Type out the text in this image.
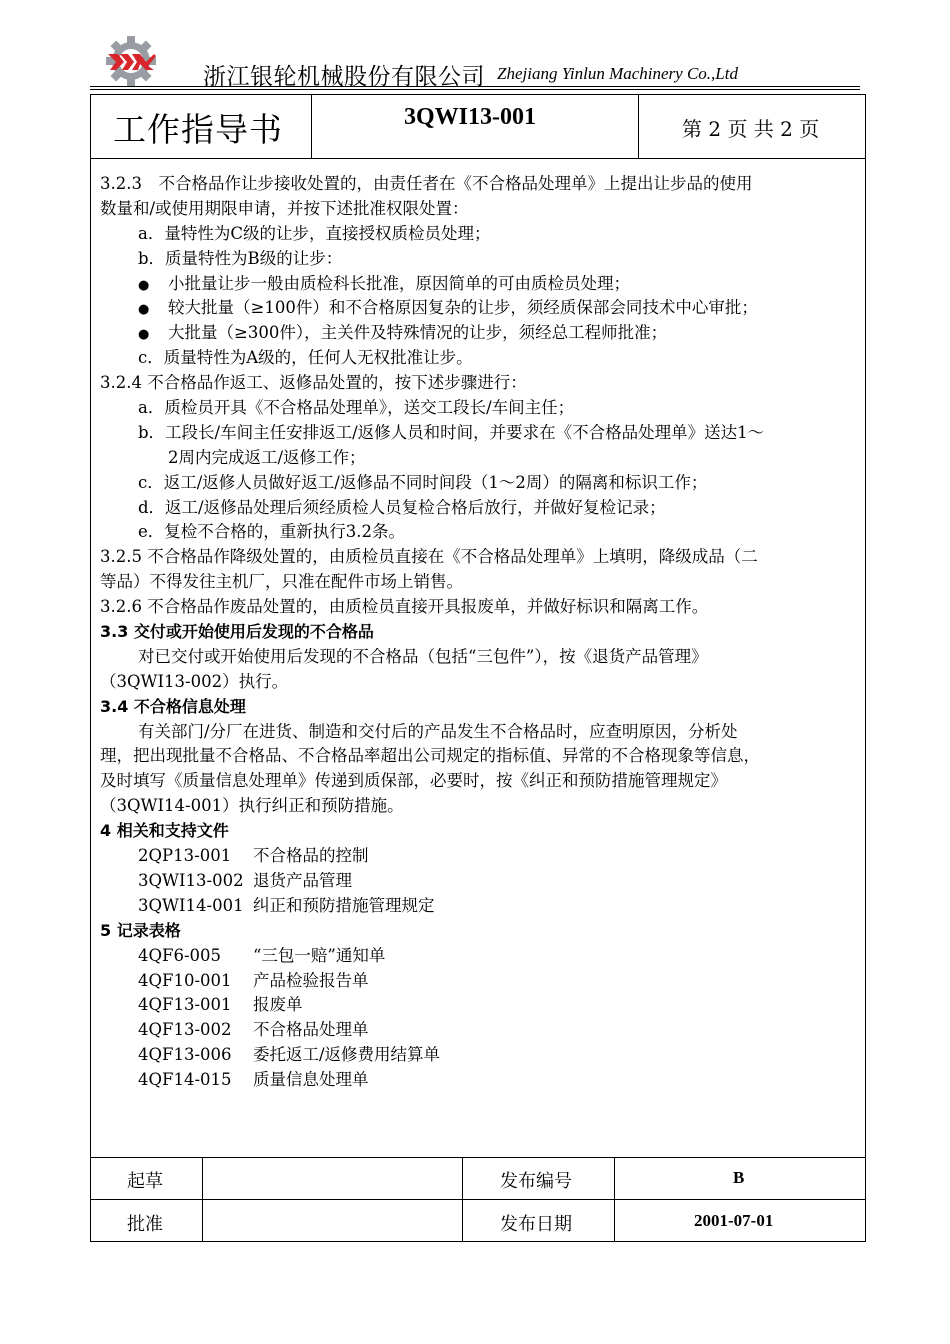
浙江银轮机械股份有限公司 Zhejiang Yinlun Machinery Co.,Ltd
工作指导书	3QWI13-001	第 2 页 共 2 页
3.2.3　不合格品作让步接收处置的，由责任者在《不合格品处理单》上提出让步品的使用
数量和/或使用期限申请，并按下述批准权限处置：
a．量特性为C级的让步，直接授权质检员处理；
b．质量特性为B级的让步：
● 小批量让步一般由质检科长批准，原因简单的可由质检员处理；
● 较大批量（≥100件）和不合格原因复杂的让步，须经质保部会同技术中心审批；
● 大批量（≥300件），主关件及特殊情况的让步，须经总工程师批准；
c．质量特性为A级的，任何人无权批准让步。
3.2.4 不合格品作返工、返修品处置的，按下述步骤进行：
a．质检员开具《不合格品处理单》，送交工段长/车间主任；
b．工段长/车间主任安排返工/返修人员和时间，并要求在《不合格品处理单》送达1～
2周内完成返工/返修工作；
c．返工/返修人员做好返工/返修品不同时间段（1～2周）的隔离和标识工作；
d．返工/返修品处理后须经质检人员复检合格后放行，并做好复检记录；
e．复检不合格的，重新执行3.2条。
3.2.5 不合格品作降级处置的，由质检员直接在《不合格品处理单》上填明，降级成品（二
等品）不得发往主机厂，只准在配件市场上销售。
3.2.6 不合格品作废品处置的，由质检员直接开具报废单，并做好标识和隔离工作。
3.3 交付或开始使用后发现的不合格品
对已交付或开始使用后发现的不合格品（包括“三包件”），按《退货产品管理》
（3QWI13-002）执行。
3.4 不合格信息处理
有关部门/分厂在进货、制造和交付后的产品发生不合格品时，应查明原因，分析处
理，把出现批量不合格品、不合格品率超出公司规定的指标值、异常的不合格现象等信息，
及时填写《质量信息处理单》传递到质保部，必要时，按《纠正和预防措施管理规定》
（3QWI14-001）执行纠正和预防措施。
4 相关和支持文件
2QP13-001 不合格品的控制
3QWI13-002 退货产品管理
3QWI14-001 纠正和预防措施管理规定
5 记录表格
4QF6-005 “三包一赔”通知单
4QF10-001 产品检验报告单
4QF13-001 报废单
4QF13-002 不合格品处理单
4QF13-006 委托返工/返修费用结算单
4QF14-015 质量信息处理单
起草
批准
发布编号
发布日期
B
2001-07-01
